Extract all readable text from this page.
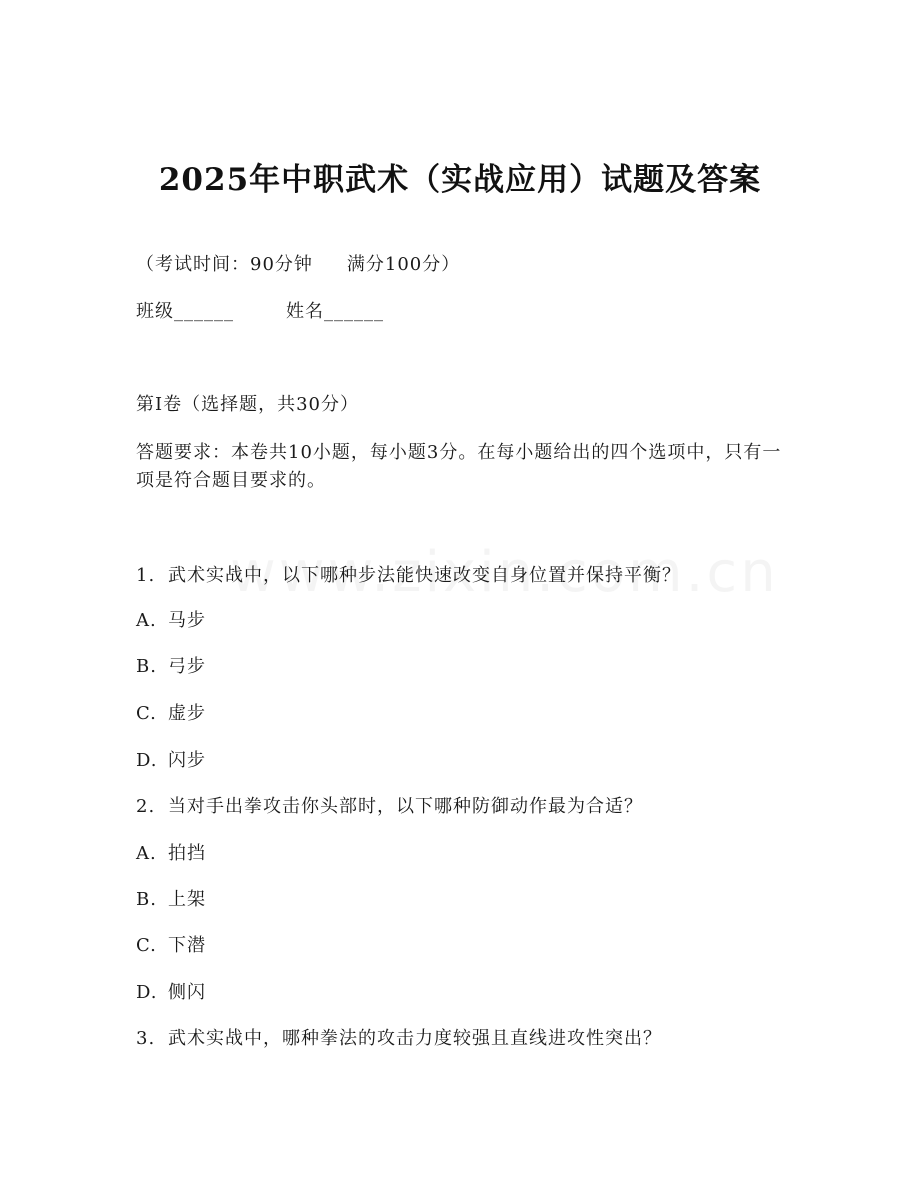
2025年中职武术（实战应用）试题及答案
（考试时间：90分钟 满分100分）
班级______	姓名______
第I卷（选择题，共30分）
答题要求：本卷共10小题，每小题3分。在每小题给出的四个选项中，只有一项是符合题目要求的。
1. 武术实战中，以下哪种步法能快速改变自身位置并保持平衡？
A. 马步
B. 弓步
C. 虚步
D. 闪步
2. 当对手出拳攻击你头部时，以下哪种防御动作最为合适？
A. 拍挡
B. 上架
C. 下潜
D. 侧闪
3. 武术实战中，哪种拳法的攻击力度较强且直线进攻性突出？
